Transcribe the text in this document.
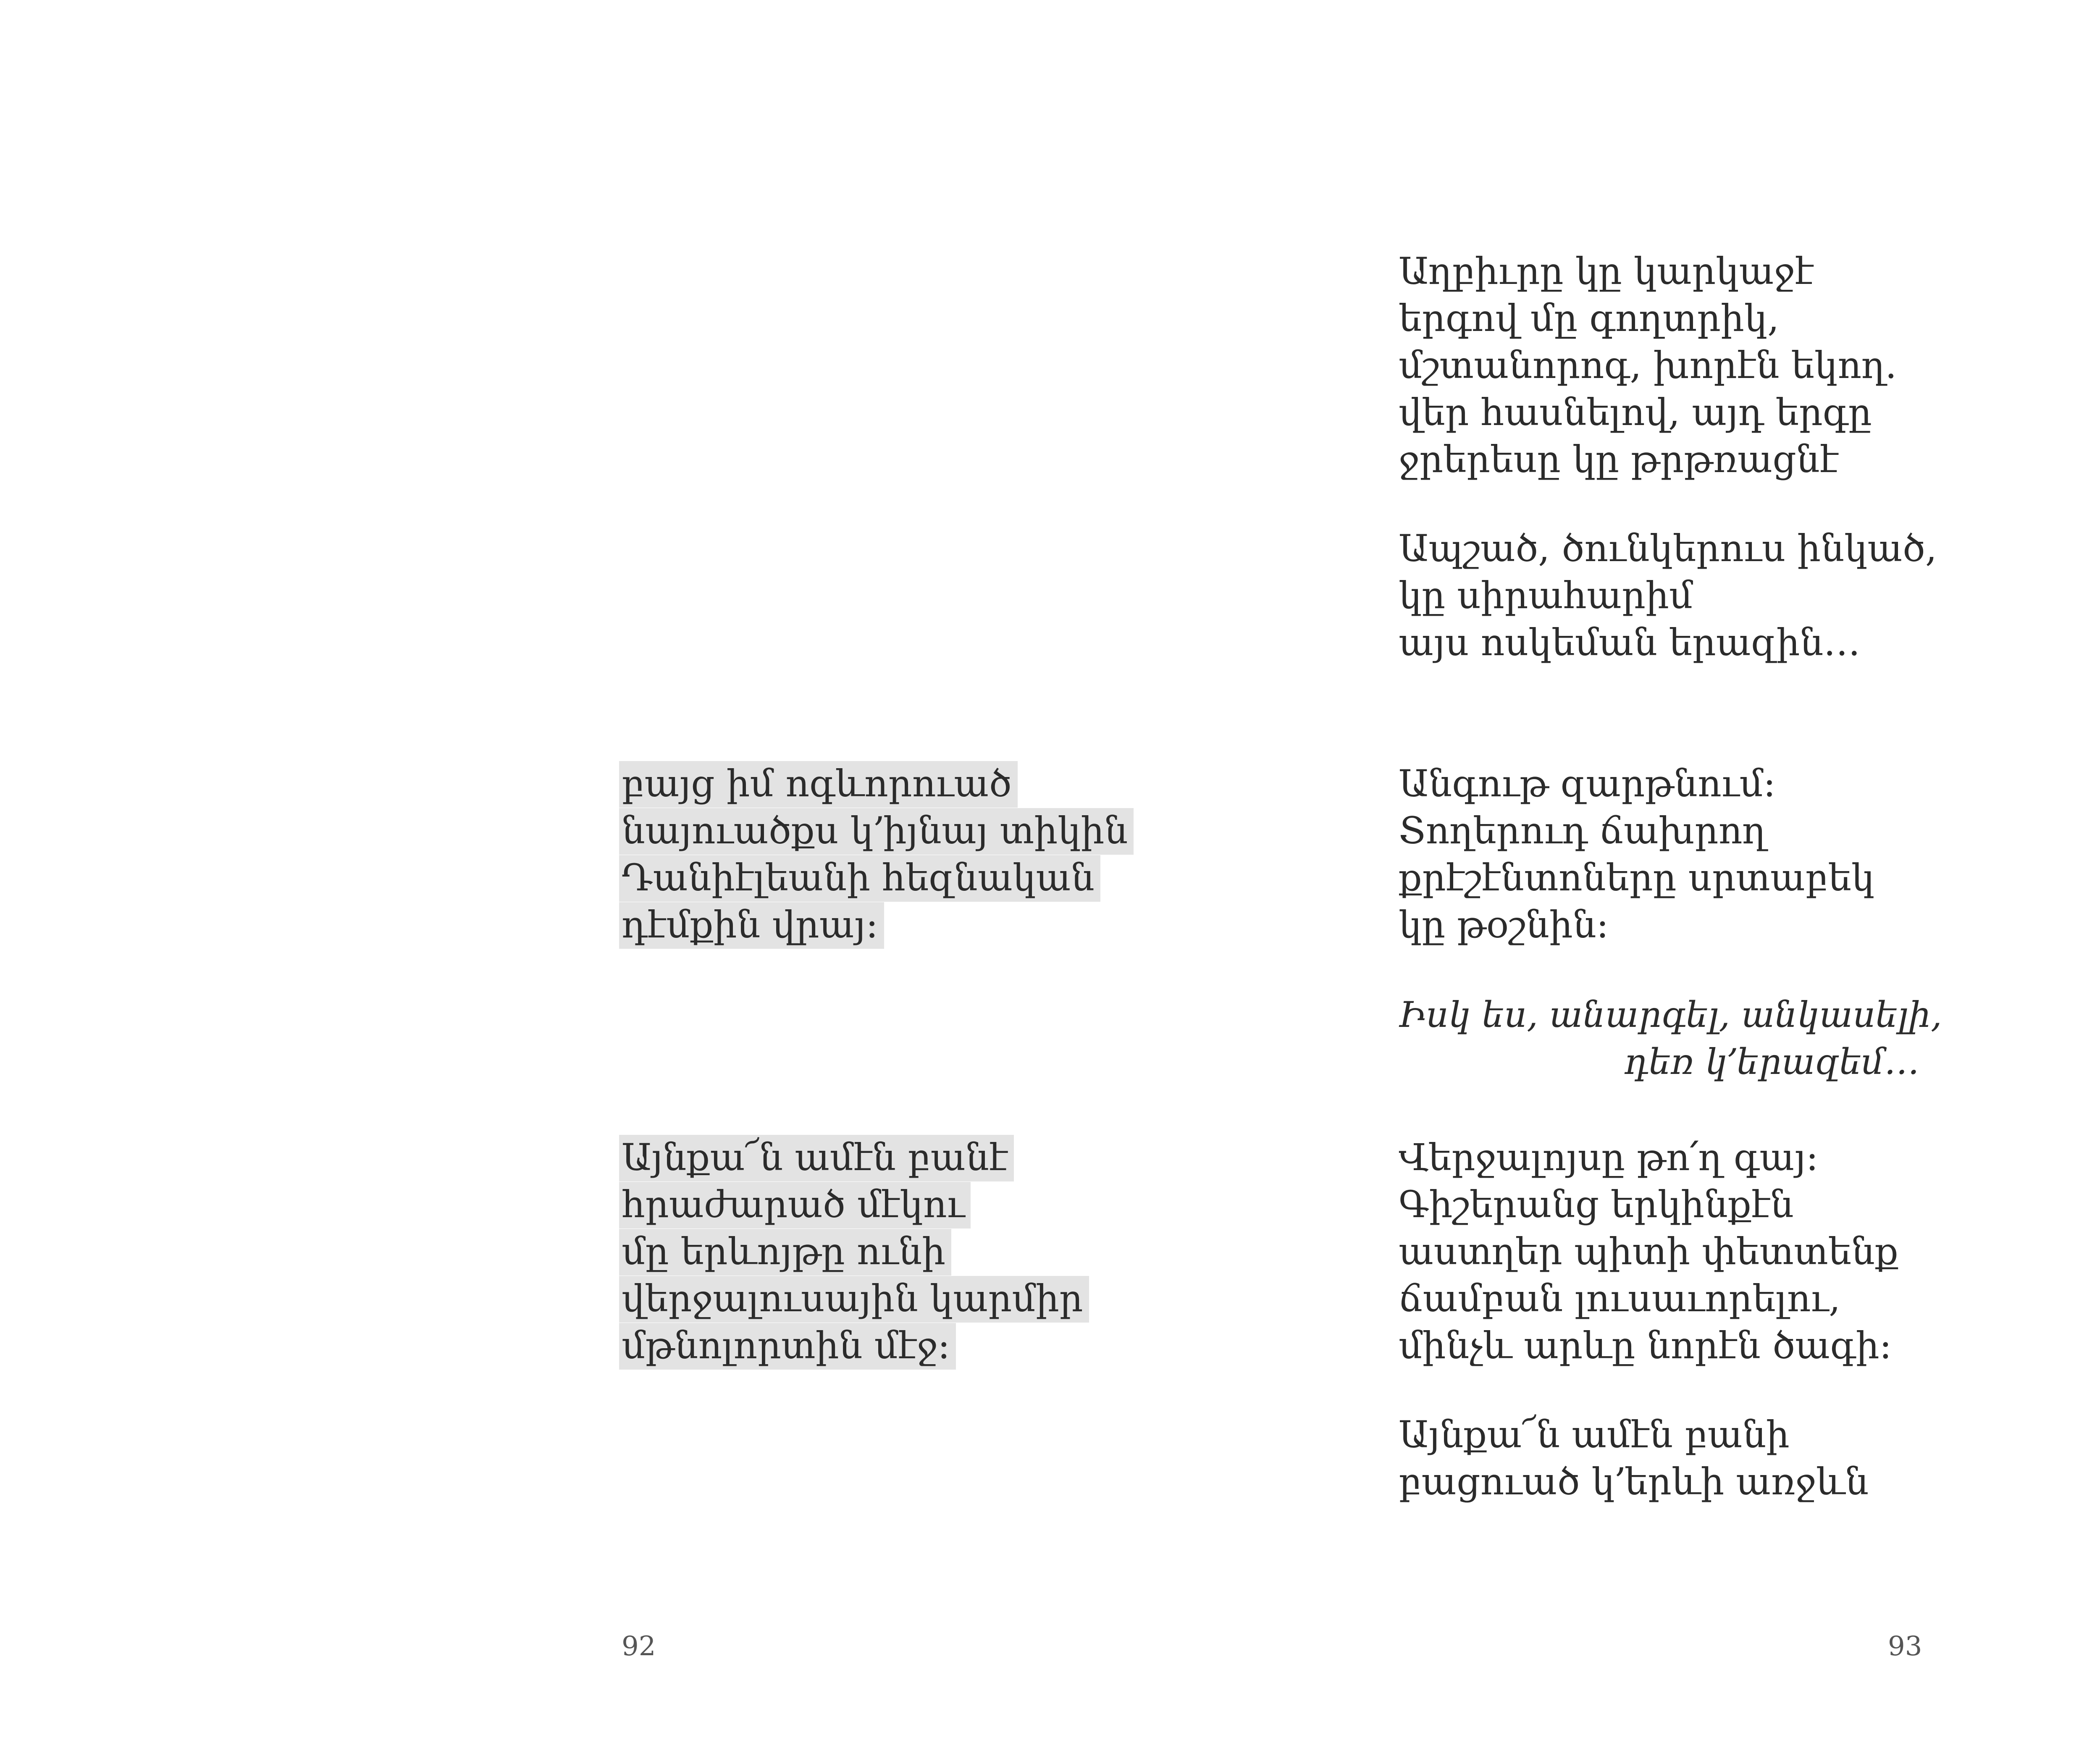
բայց իմ ոգևորուած
նայուածքս կ՚իյնայ տիկին
Դանիէլեանի հեզնական
դէմքին վրայ։
Այնքա՜ն ամէն բանէ
հրաժարած մէկու
մը երևոյթը ունի
վերջալուսային կարմիր
մթնոլորտին մէջ։
92
Աղբիւրը կը կարկաջէ
երգով մը գողտրիկ,
մշտանորոգ, խորէն եկող.
վեր հասնելով, այդ երգը
ջրերեսը կը թրթռացնէ
Ապշած, ծունկերուս ինկած,
կը սիրահարիմ
այս ոսկեման երազին…
Անգութ զարթնում։
Տողերուդ ճախրող
քրէշէնտոները սրտաբեկ
կը թօշնին։
Իսկ ես, անարգել, անկասելի,
դեռ կ՚երազեմ…
Վերջալոյսը թո՛ղ գայ։
Գիշերանց երկինքէն
աստղեր պիտի փետտենք
ճամբան լուսաւորելու,
մինչև արևը նորէն ծագի։
Այնքա՜ն ամէն բանի
բացուած կ՚երևի առջևն
93
